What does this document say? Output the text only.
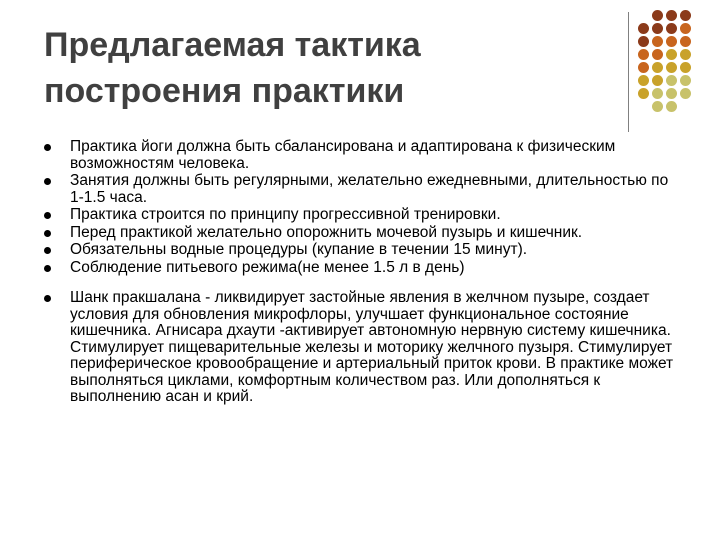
Предлагаемая тактика
построения практики
Практика йоги должна быть сбалансирована и адаптирована к физическим возможностям человека.
Занятия должны быть регулярными, желательно ежедневными, длительностью по 1-1.5 часа.
Практика строится по принципу прогрессивной тренировки.
Перед практикой желательно опорожнить мочевой пузырь и кишечник.
Обязательны водные процедуры (купание в течении 15 минут).
Соблюдение питьевого режима(не менее 1.5 л в день)
Шанк пракшалана - ликвидирует застойные явления в желчном пузыре, создает условия для обновления микрофлоры, улучшает функциональное состояние кишечника. Агнисара дхаути -активирует автономную нервную систему кишечника. Стимулирует пищеварительные железы и моторику желчного пузыря. Стимулирует периферическое кровообращение и артериальный приток крови. В практике может выполняться циклами, комфортным количеством раз. Или дополняться к выполнению асан и крий.
